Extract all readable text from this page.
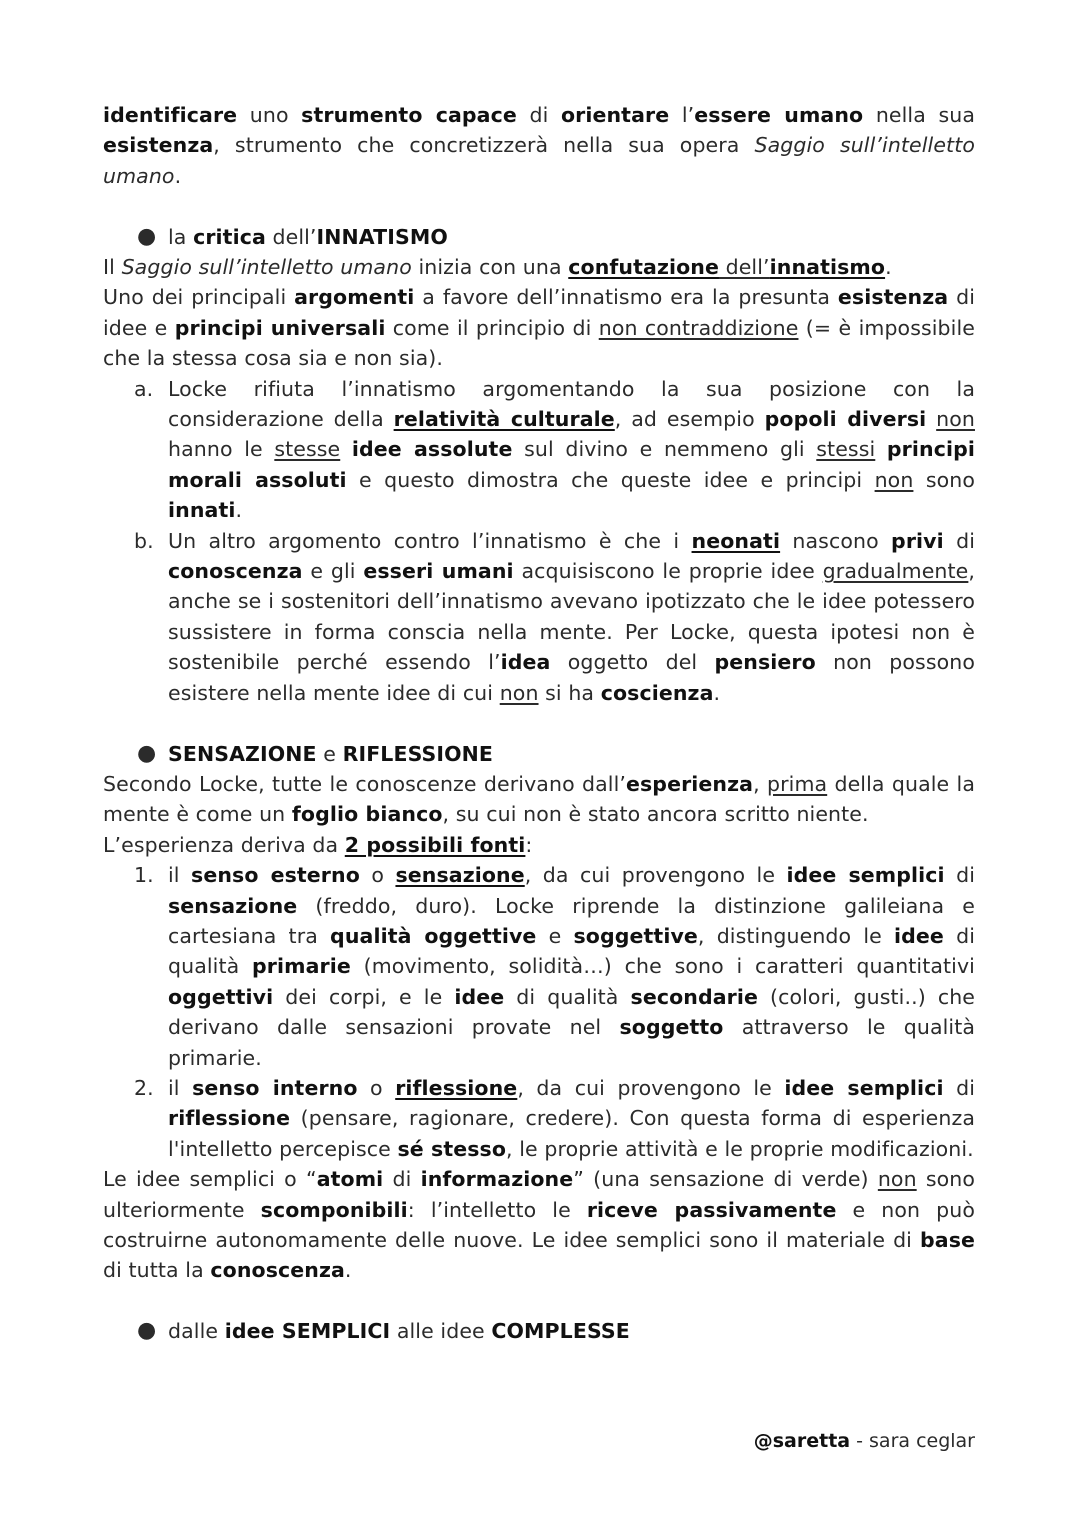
identificare uno strumento capace di orientare l’essere umano nella sua esistenza, strumento che concretizzerà nella sua opera Saggio sull’intelletto umano.

● la critica dell’INNATISMO

Il Saggio sull’intelletto umano inizia con una confutazione dell’innatismo.

Uno dei principali argomenti a favore dell’innatismo era la presunta esistenza di idee e principi universali come il principio di non contraddizione (= è impossibile che la stessa cosa sia e non sia).

a. Locke rifiuta l’innatismo argomentando la sua posizione con la considerazione della relatività culturale, ad esempio popoli diversi non hanno le stesse idee assolute sul divino e nemmeno gli stessi principi morali assoluti e questo dimostra che queste idee e principi non sono innati.
b. Un altro argomento contro l’innatismo è che i neonati nascono privi di conoscenza e gli esseri umani acquisiscono le proprie idee gradualmente, anche se i sostenitori dell’innatismo avevano ipotizzato che le idee potessero sussistere in forma conscia nella mente. Per Locke, questa ipotesi non è sostenibile perché essendo l’idea oggetto del pensiero non possono esistere nella mente idee di cui non si ha coscienza.
● SENSAZIONE e RIFLESSIONE

Secondo Locke, tutte le conoscenze derivano dall’esperienza, prima della quale la mente è come un foglio bianco, su cui non è stato ancora scritto niente.

L’esperienza deriva da 2 possibili fonti:

1. il senso esterno o sensazione, da cui provengono le idee semplici di sensazione (freddo, duro). Locke riprende la distinzione galileiana e cartesiana tra qualità oggettive e soggettive, distinguendo le idee di qualità primarie (movimento, solidità…) che sono i caratteri quantitativi oggettivi dei corpi, e le idee di qualità secondarie (colori, gusti..) che derivano dalle sensazioni provate nel soggetto attraverso le qualità primarie.
2. il senso interno o riflessione, da cui provengono le idee semplici di riflessione (pensare, ragionare, credere). Con questa forma di esperienza l'intelletto percepisce sé stesso, le proprie attività e le proprie modificazioni.

Le idee semplici o “atomi di informazione” (una sensazione di verde) non sono ulteriormente scomponibili: l’intelletto le riceve passivamente e non può costruirne autonomamente delle nuove. Le idee semplici sono il materiale di base di tutta la conoscenza.

● dalle idee SEMPLICI alle idee COMPLESSE
@saretta - sara ceglar
